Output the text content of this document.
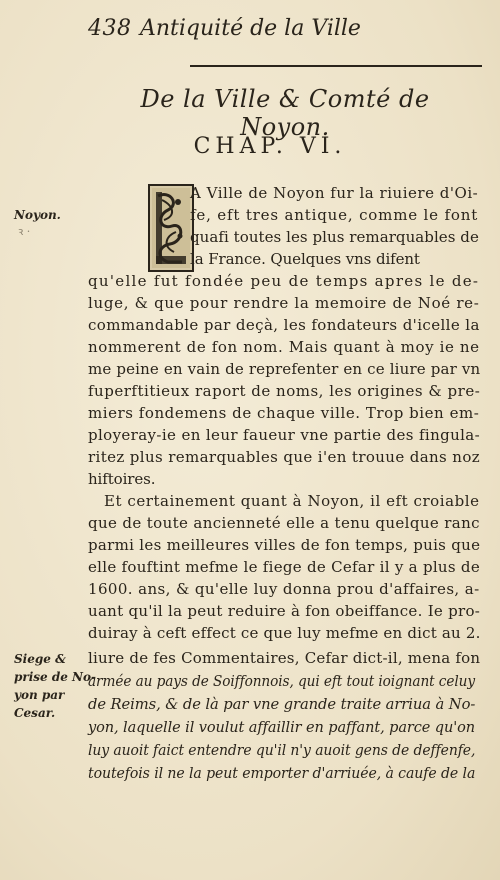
438 Antiquité de la Ville
De la Ville & Comté de Noyon.
CHAP. VI.
Noyon.
ꝛ ·
A Ville de Noyon fur la riuiere d'Oi-
fe, eft tres antique, comme le font
quafi toutes les plus remarquables de
la France. Quelques vns difent
qu'elle fut fondée peu de temps apres le de-
luge, & que pour rendre la memoire de Noé re-
commandable par deçà, les fondateurs d'icelle la
nommerent de fon nom. Mais quant à moy ie ne
me peine en vain de reprefenter en ce liure par vn
fuperftitieux raport de noms, les origines & pre-
miers fondemens de chaque ville. Trop bien em-
ployeray-ie en leur faueur vne partie des fingula-
ritez plus remarquables que i'en trouue dans noz
hiftoires.
Et certainement quant à Noyon, il eft croiable
que de toute ancienneté elle a tenu quelque ranc
parmi les meilleures villes de fon temps, puis que
elle fouftint mefme le fiege de Cefar il y a plus de
1600. ans, & qu'elle luy donna prou d'affaires, a-
uant qu'il la peut reduire à fon obeiffance. Ie pro-
duiray à ceft effect ce que luy mefme en dict au 2.
liure de fes Commentaires, Cefar dict-il, mena fon
armée au pays de Soiffonnois, qui eft tout ioignant celuy
de Reims, & de là par vne grande traite arriua à No-
yon, laquelle il voulut affaillir en paffant, parce qu'on
luy auoit faict entendre qu'il n'y auoit gens de deffenfe,
toutefois il ne la peut emporter d'arriuée, à caufe de la
Siege &
prise de No-
yon par
Cesar.
